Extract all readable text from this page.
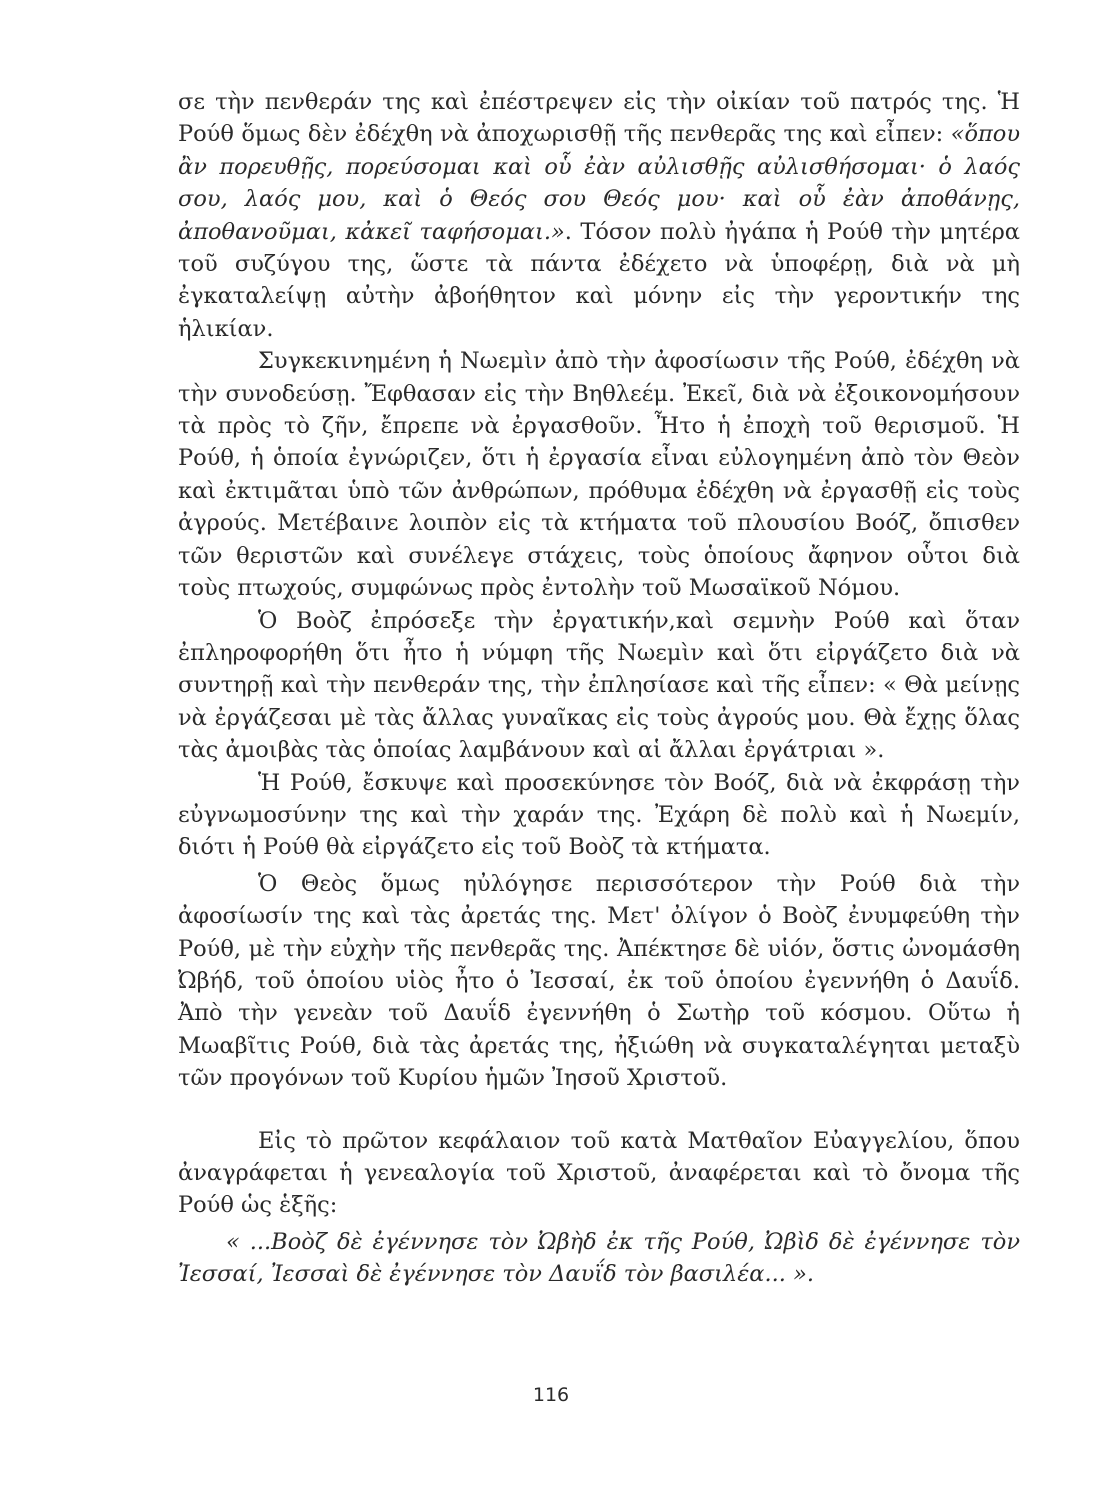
σε τὴν πενθεράν της καὶ ἐπέστρεψεν εἰς τὴν οἰκίαν τοῦ πατρός της. Ἡ Ρούθ ὅμως δὲν ἐδέχθη νὰ ἀποχωρισθῇ τῆς πενθερᾶς της καὶ εἶπεν: «ὅπου ἂν πορευθῇς, πορεύσομαι καὶ οὗ ἐὰν αὐλισθῇς αὐλισθήσομαι· ὁ λαός σου, λαός μου, καὶ ὁ Θεός σου Θεός μου· καὶ οὗ ἐὰν ἀποθάνῃς, ἀποθανοῦμαι, κἀκεῖ ταφήσομαι.». Τόσον πολὺ ἠγάπα ἡ Ρούθ τὴν μητέρα τοῦ συζύγου της, ὥστε τὰ πάντα ἐδέχετο νὰ ὑποφέρῃ, διὰ νὰ μὴ ἐγκαταλείψῃ αὐτὴν ἀβοήθητον καὶ μόνην εἰς τὴν γεροντικήν της ἡλικίαν.

Συγκεκινημένη ἡ Νωεμὶν ἀπὸ τὴν ἀφοσίωσιν τῆς Ρούθ, ἐδέχθη νὰ τὴν συνοδεύσῃ. Ἔφθασαν εἰς τὴν Βηθλεέμ. Ἐκεῖ, διὰ νὰ ἐξοικονομήσουν τὰ πρὸς τὸ ζῆν, ἔπρεπε νὰ ἐργασθοῦν. Ἦτο ἡ ἐποχὴ τοῦ θερισμοῦ. Ἡ Ρούθ, ἡ ὁποία ἐγνώριζεν, ὅτι ἡ ἐργασία εἶναι εὐλογημένη ἀπὸ τὸν Θεὸν καὶ ἐκτιμᾶται ὑπὸ τῶν ἀνθρώπων, πρόθυμα ἐδέχθη νὰ ἐργασθῇ εἰς τοὺς ἀγρούς. Μετέβαινε λοιπὸν εἰς τὰ κτήματα τοῦ πλουσίου Βοόζ, ὄπισθεν τῶν θεριστῶν καὶ συνέλεγε στάχεις, τοὺς ὁποίους ἄφηνον οὗτοι διὰ τοὺς πτωχούς, συμφώνως πρὸς ἐντολὴν τοῦ Μωσαϊκοῦ Νόμου.

Ὁ Βοὸζ ἐπρόσεξε τὴν ἐργατικήν,καὶ σεμνὴν Ρούθ καὶ ὅταν ἐπληροφορήθη ὅτι ἦτο ἡ νύμφη τῆς Νωεμὶν καὶ ὅτι εἰργάζετο διὰ νὰ συντηρῇ καὶ τὴν πενθεράν της, τὴν ἐπλησίασε καὶ τῆς εἶπεν: « Θὰ μείνῃς νὰ ἐργάζεσαι μὲ τὰς ἄλλας γυναῖκας εἰς τοὺς ἀγρούς μου. Θὰ ἔχῃς ὅλας τὰς ἀμοιβὰς τὰς ὁποίας λαμβάνουν καὶ αἱ ἄλλαι ἐργάτριαι ».

Ἡ Ρούθ, ἔσκυψε καὶ προσεκύνησε τὸν Βοόζ, διὰ νὰ ἐκφράσῃ τὴν εὐγνωμοσύνην της καὶ τὴν χαράν της. Ἐχάρη δὲ πολὺ καὶ ἡ Νωεμίν, διότι ἡ Ρούθ θὰ εἰργάζετο εἰς τοῦ Βοὸζ τὰ κτήματα.

Ὁ Θεὸς ὅμως ηὐλόγησε περισσότερον τὴν Ρούθ διὰ τὴν ἀφοσίωσίν της καὶ τὰς ἀρετάς της. Μετ' ὀλίγον ὁ Βοὸζ ἐνυμφεύθη τὴν Ρούθ, μὲ τὴν εὐχὴν τῆς πενθερᾶς της. Ἀπέκτησε δὲ υἱόν, ὅστις ὠνομάσθη Ὠβήδ, τοῦ ὁποίου υἱὸς ἦτο ὁ Ἰεσσαί, ἐκ τοῦ ὁποίου ἐγεννήθη ὁ Δαυΐδ. Ἀπὸ τὴν γενεὰν τοῦ Δαυΐδ ἐγεννήθη ὁ Σωτὴρ τοῦ κόσμου. Οὕτω ἡ Μωαβῖτις Ρούθ, διὰ τὰς ἀρετάς της, ἠξιώθη νὰ συγκαταλέγηται μεταξὺ τῶν προγόνων τοῦ Κυρίου ἡμῶν Ἰησοῦ Χριστοῦ.

Εἰς τὸ πρῶτον κεφάλαιον τοῦ κατὰ Ματθαῖον Εὐαγγελίου, ὅπου ἀναγράφεται ἡ γενεαλογία τοῦ Χριστοῦ, ἀναφέρεται καὶ τὸ ὄνομα τῆς Ρούθ ὡς ἑξῆς:

« ...Βοὸζ δὲ ἐγέννησε τὸν Ὠβὴδ ἐκ τῆς Ρούθ, Ὠβὶδ δὲ ἐγέννησε τὸν Ἰεσσαί, Ἰεσσαὶ δὲ ἐγέννησε τὸν Δαυΐδ τὸν βασιλέα... ».

116
